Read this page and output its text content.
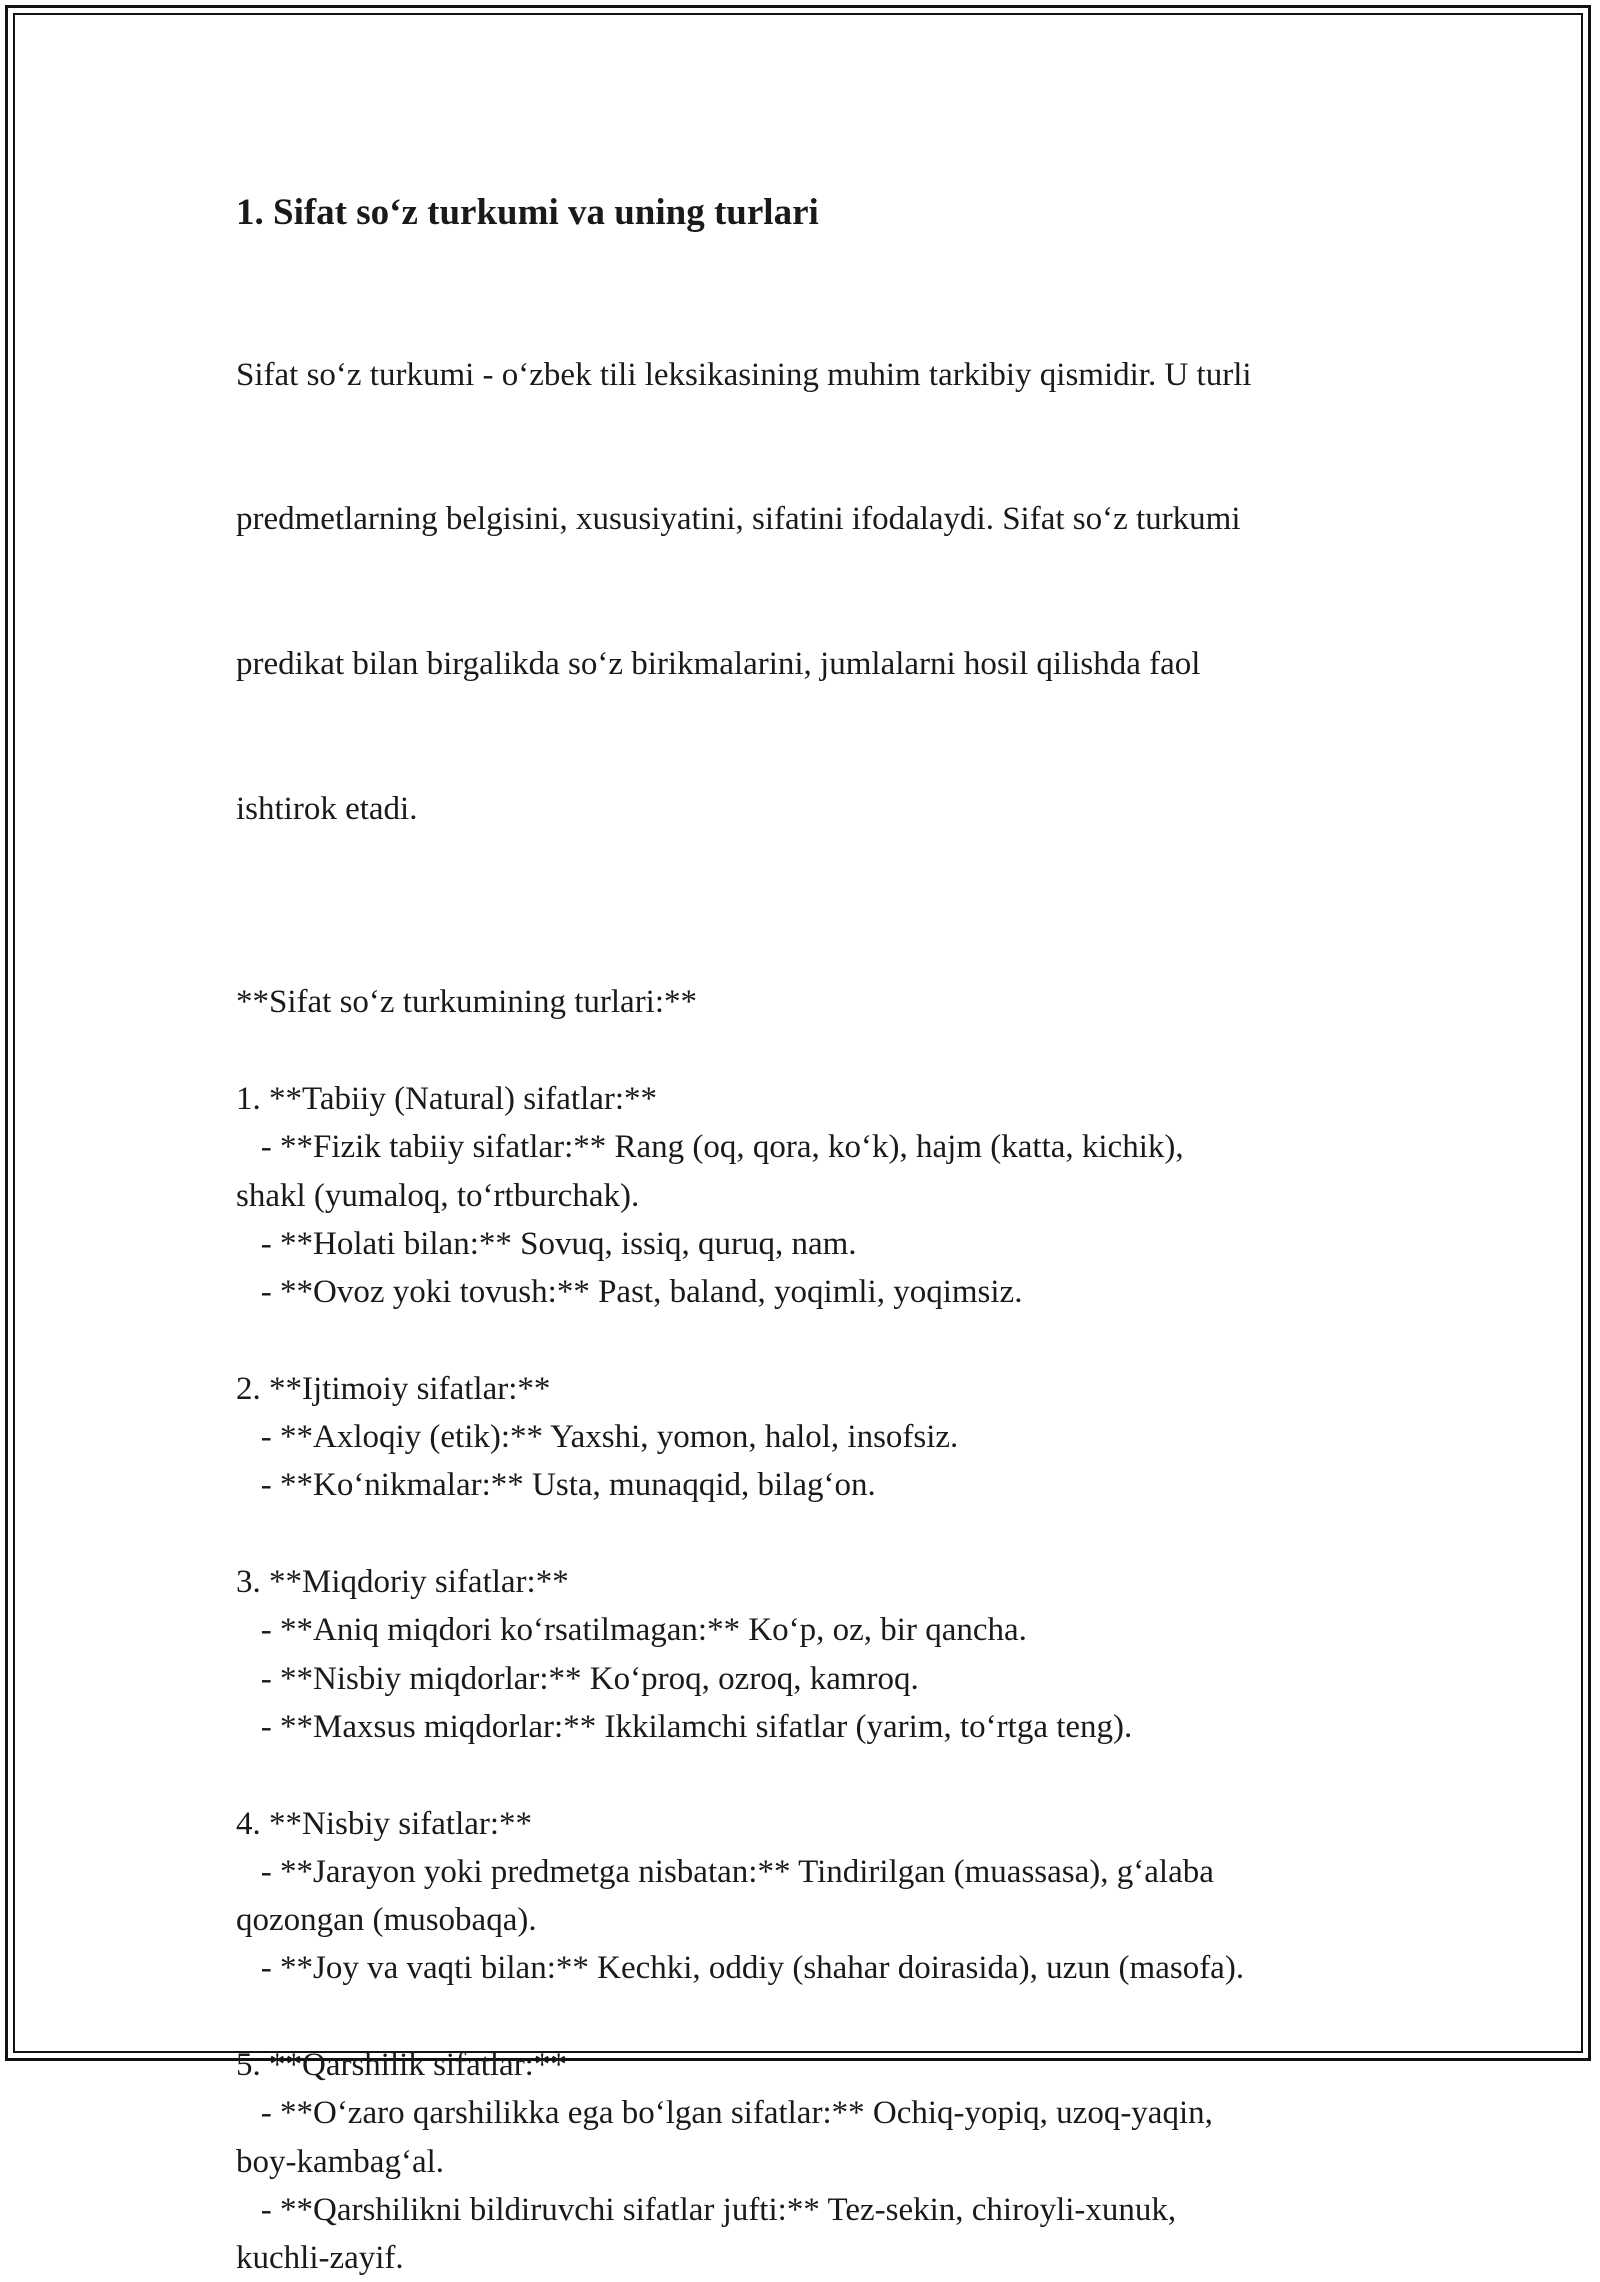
1. Sifat so‘z turkumi va uning turlari

Sifat so‘z turkumi - o‘zbek tili leksikasining muhim tarkibiy qismidir. U turli

predmetlarning belgisini, xususiyatini, sifatini ifodalaydi. Sifat so‘z turkumi

predikat bilan birgalikda so‘z birikmalarini, jumlalarni hosil qilishda faol

ishtirok etadi.

**Sifat so‘z turkumining turlari:**
1. **Tabiiy (Natural) sifatlar:**
- **Fizik tabiiy sifatlar:** Rang (oq, qora, ko‘k), hajm (katta, kichik),
shakl (yumaloq, to‘rtburchak).
- **Holati bilan:** Sovuq, issiq, quruq, nam.
- **Ovoz yoki tovush:** Past, baland, yoqimli, yoqimsiz.
2. **Ijtimoiy sifatlar:**
- **Axloqiy (etik):** Yaxshi, yomon, halol, insofsiz.
- **Ko‘nikmalar:** Usta, munaqqid, bilag‘on.
3. **Miqdoriy sifatlar:**
- **Aniq miqdori ko‘rsatilmagan:** Ko‘p, oz, bir qancha.
- **Nisbiy miqdorlar:** Ko‘proq, ozroq, kamroq.
- **Maxsus miqdorlar:** Ikkilamchi sifatlar (yarim, to‘rtga teng).
4. **Nisbiy sifatlar:**
- **Jarayon yoki predmetga nisbatan:** Tindirilgan (muassasa), g‘alaba
qozongan (musobaqa).
- **Joy va vaqti bilan:** Kechki, oddiy (shahar doirasida), uzun (masofa).
5. **Qarshilik sifatlar:**
- **O‘zaro qarshilikka ega bo‘lgan sifatlar:** Ochiq-yopiq, uzoq-yaqin,
boy-kambag‘al.
- **Qarshilikni bildiruvchi sifatlar jufti:** Tez-sekin, chiroyli-xunuk,
kuchli-zayif.
